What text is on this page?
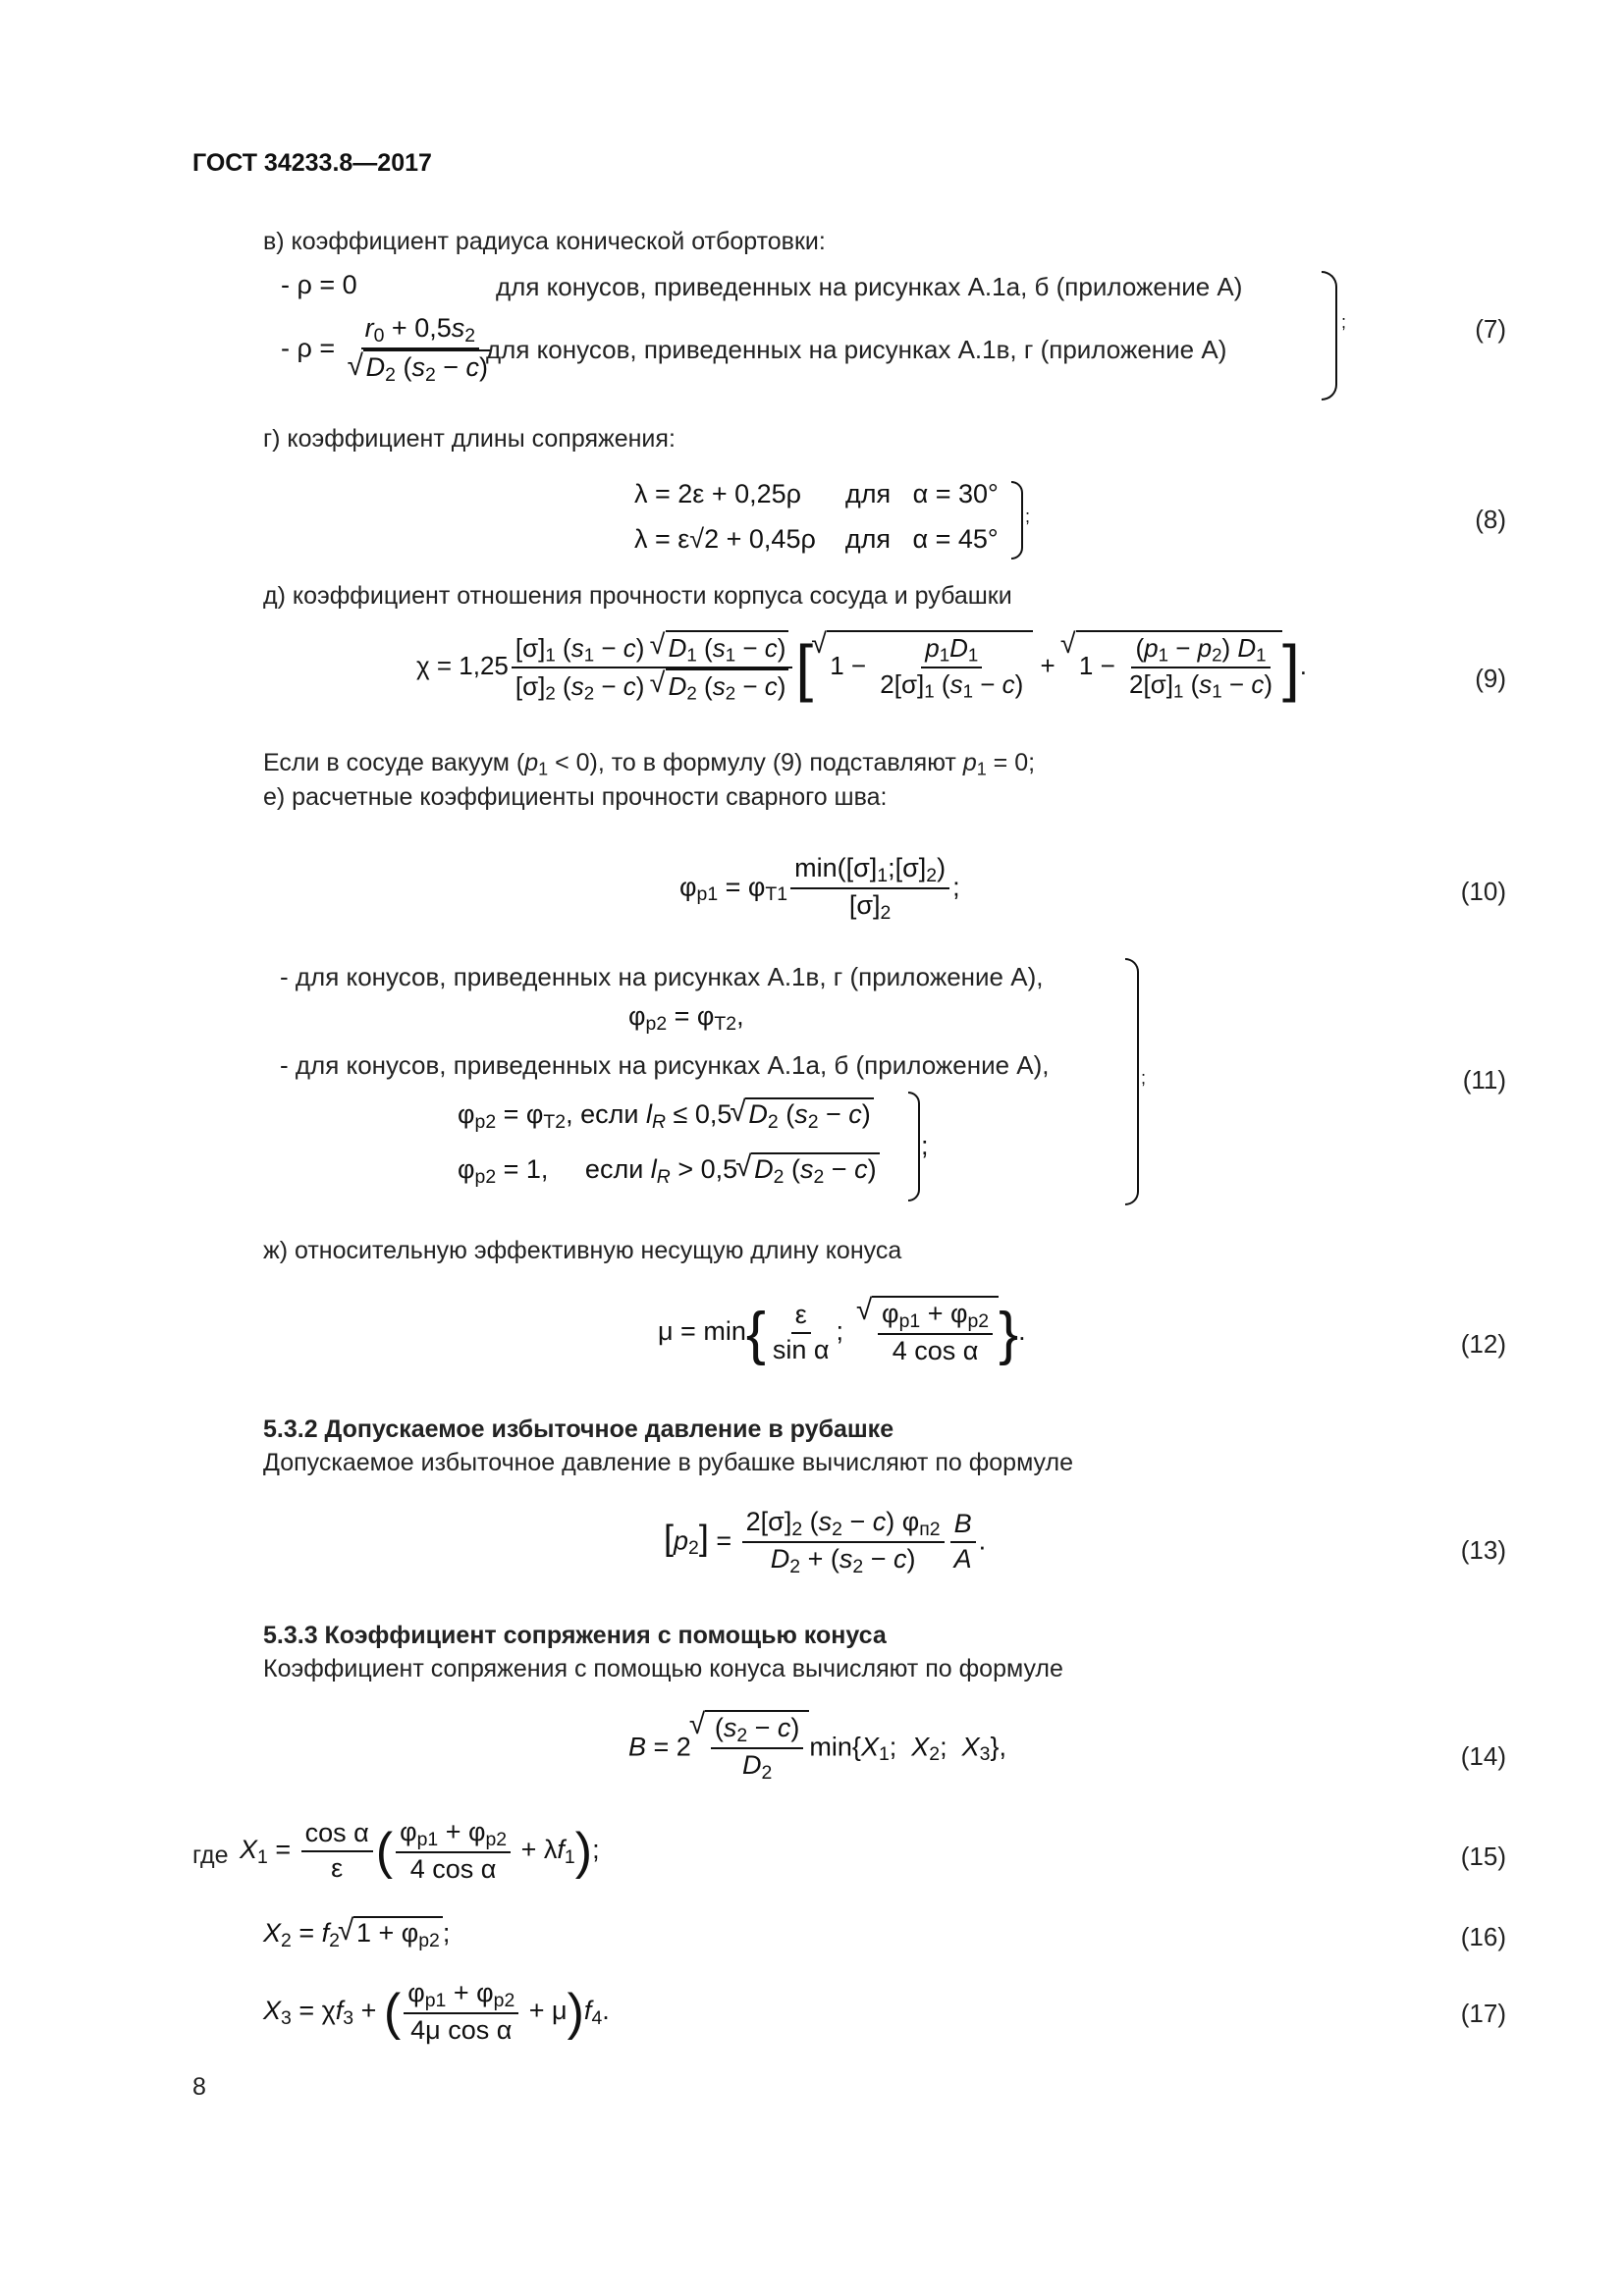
ГОСТ 34233.8—2017
в) коэффициент радиуса конической отбортовки:
- ρ = 0	для конусов, приведенных на рисунках А.1а, б (приложение А)
- $\rho = r_0 + 0,5s_2$
√ $D_2$ $(s_2 - c)$
для конусов, приведенных на рисунках А.1в, г (приложение А)
;	(7)
г) коэффициент длины сопряжения:
λ = 2ε + 0,25ρ      для   α = 30°
λ = ε√2 + 0,45ρ    для   α = 45°
;	(8)
д) коэффициент отношения прочности корпуса сосуда и рубашки
$\chi = 1,25 \frac{[\sigma]_1 (s_1 - c) √ D_1 (s_1 - c)}{[\sigma]_2 (s_2 - c) √ D_2 (s_2 - c)}$ [√ $1 - \frac{p_1D_1}{2[\sigma]_1 (s_1 - c)}$ + √ $1 - \frac{(p_1 - p_2) D_1}{2[\sigma]_1 (s_1 - c)}$ ].	(9)
Если в сосуде вакуум $(p_1 < 0)$, то в формулу (9) подставляют $p_1 = 0$;
е) расчетные коэффициенты прочности сварного шва:
$\varphi_{p1} = \varphi_{T1} \frac{\min([\sigma]_1;[\sigma]_2)}{[\sigma]_2}$ ;	(10)
- для конусов, приведенных на рисунках А.1в, г (приложение А),
$\varphi_{p2} = \varphi_{T2}$,
- для конусов, приведенных на рисунках А.1а, б (приложение А),
$\varphi_{p2} = \varphi_{T2}$, если $l_R \le 0,5√$ $D_2$ $(s_2 - c)$
$\varphi_{p2} = 1$,     если $l_R > 0,5√$ $D_2$ $(s_2 - c)$
;
;	(11)
ж) относительную эффективную несущую длину конуса
$\mu = \min\{ \frac{\varepsilon}{\text{sin α}}$ ;
√ $\frac{\varphi_{p1} + \varphi_{p2}}{\text{4 cos α}}$ }.	(12)
5.3.2 Допускаемое избыточное давление в рубашке
Допускаемое избыточное давление в рубашке вычисляют по формуле
$[p_2] = \frac{2[\sigma]_2 (s_2 - c) \varphi_{п2}}{D_2 + (s_2 - c)} \frac{B}{A}$ .	(13)
5.3.3 Коэффициент сопряжения с помощью конуса
Коэффициент сопряжения с помощью конуса вычисляют по формуле
B = 2
√ $\frac{(s_2 - c)}{D_2} \min\{X_1$;  $X_2$;  $X_3$},	(14)
где $X_1 = \frac{\text{cos α}}{\varepsilon}$ ( $\frac{\varphi_{p1} + \varphi_{p2}}{\text{4 cos α}} + \lambda f_1$);	(15)
$X_2 = f_2√$ $1 + \varphi_{p2}$ ;	(16)
$X_3 = \chi f_3$ + ( $\frac{\varphi_{p1} + \varphi_{p2}}{\text{4μ cos α}} + \mu)f_4$.	(17)
8
